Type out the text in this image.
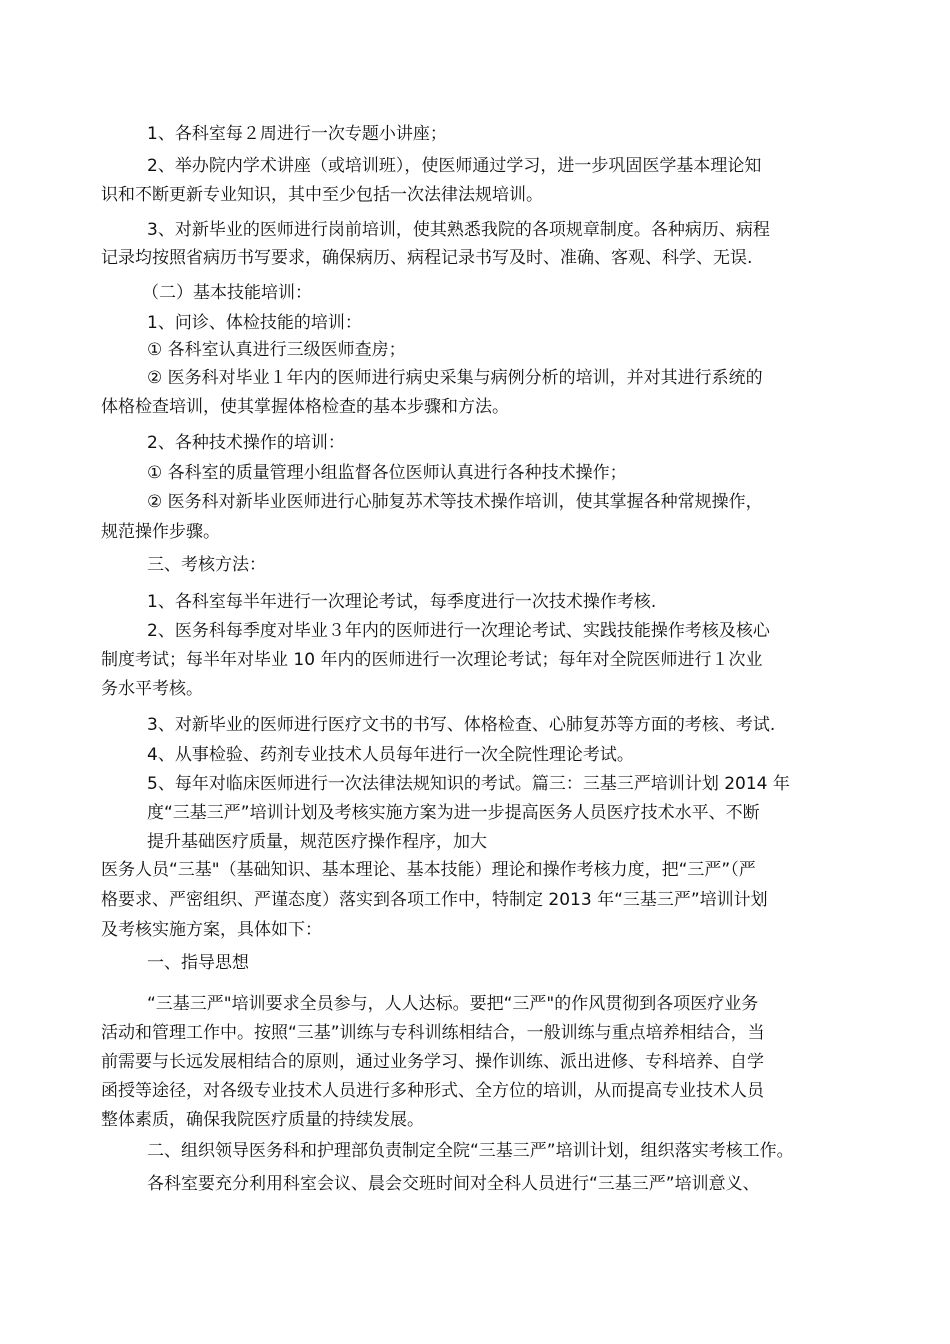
1、各科室每２周进行一次专题小讲座；
2、举办院内学术讲座（或培训班），使医师通过学习，进一步巩固医学基本理论知
识和不断更新专业知识，其中至少包括一次法律法规培训。
3、对新毕业的医师进行岗前培训，使其熟悉我院的各项规章制度。各种病历、病程
记录均按照省病历书写要求，确保病历、病程记录书写及时、准确、客观、科学、无误.
（二）基本技能培训：
1、问诊、体检技能的培训：
① 各科室认真进行三级医师查房；
② 医务科对毕业１年内的医师进行病史采集与病例分析的培训，并对其进行系统的
体格检查培训，使其掌握体格检查的基本步骤和方法。
2、各种技术操作的培训：
① 各科室的质量管理小组监督各位医师认真进行各种技术操作；
② 医务科对新毕业医师进行心肺复苏术等技术操作培训，使其掌握各种常规操作，
规范操作步骤。
三、考核方法：
1、各科室每半年进行一次理论考试，每季度进行一次技术操作考核.
2、医务科每季度对毕业３年内的医师进行一次理论考试、实践技能操作考核及核心
制度考试；每半年对毕业 10 年内的医师进行一次理论考试；每年对全院医师进行１次业
务水平考核。
3、对新毕业的医师进行医疗文书的书写、体格检查、心肺复苏等方面的考核、考试.
4、从事检验、药剂专业技术人员每年进行一次全院性理论考试。
5、每年对临床医师进行一次法律法规知识的考试。篇三：三基三严培训计划 2014 年
度“三基三严”培训计划及考核实施方案为进一步提高医务人员医疗技术水平、不断
提升基础医疗质量，规范医疗操作程序，加大
医务人员“三基"（基础知识、基本理论、基本技能）理论和操作考核力度，把“三严”（严
格要求、严密组织、严谨态度）落实到各项工作中，特制定 2013 年“三基三严”培训计划
及考核实施方案，具体如下：
一、指导思想
“三基三严"培训要求全员参与，人人达标。要把“三严"的作风贯彻到各项医疗业务
活动和管理工作中。按照“三基”训练与专科训练相结合，一般训练与重点培养相结合，当
前需要与长远发展相结合的原则，通过业务学习、操作训练、派出进修、专科培养、自学
函授等途径，对各级专业技术人员进行多种形式、全方位的培训，从而提高专业技术人员
整体素质，确保我院医疗质量的持续发展。
二、组织领导医务科和护理部负责制定全院“三基三严”培训计划，组织落实考核工作。
各科室要充分利用科室会议、晨会交班时间对全科人员进行“三基三严”培训意义、
